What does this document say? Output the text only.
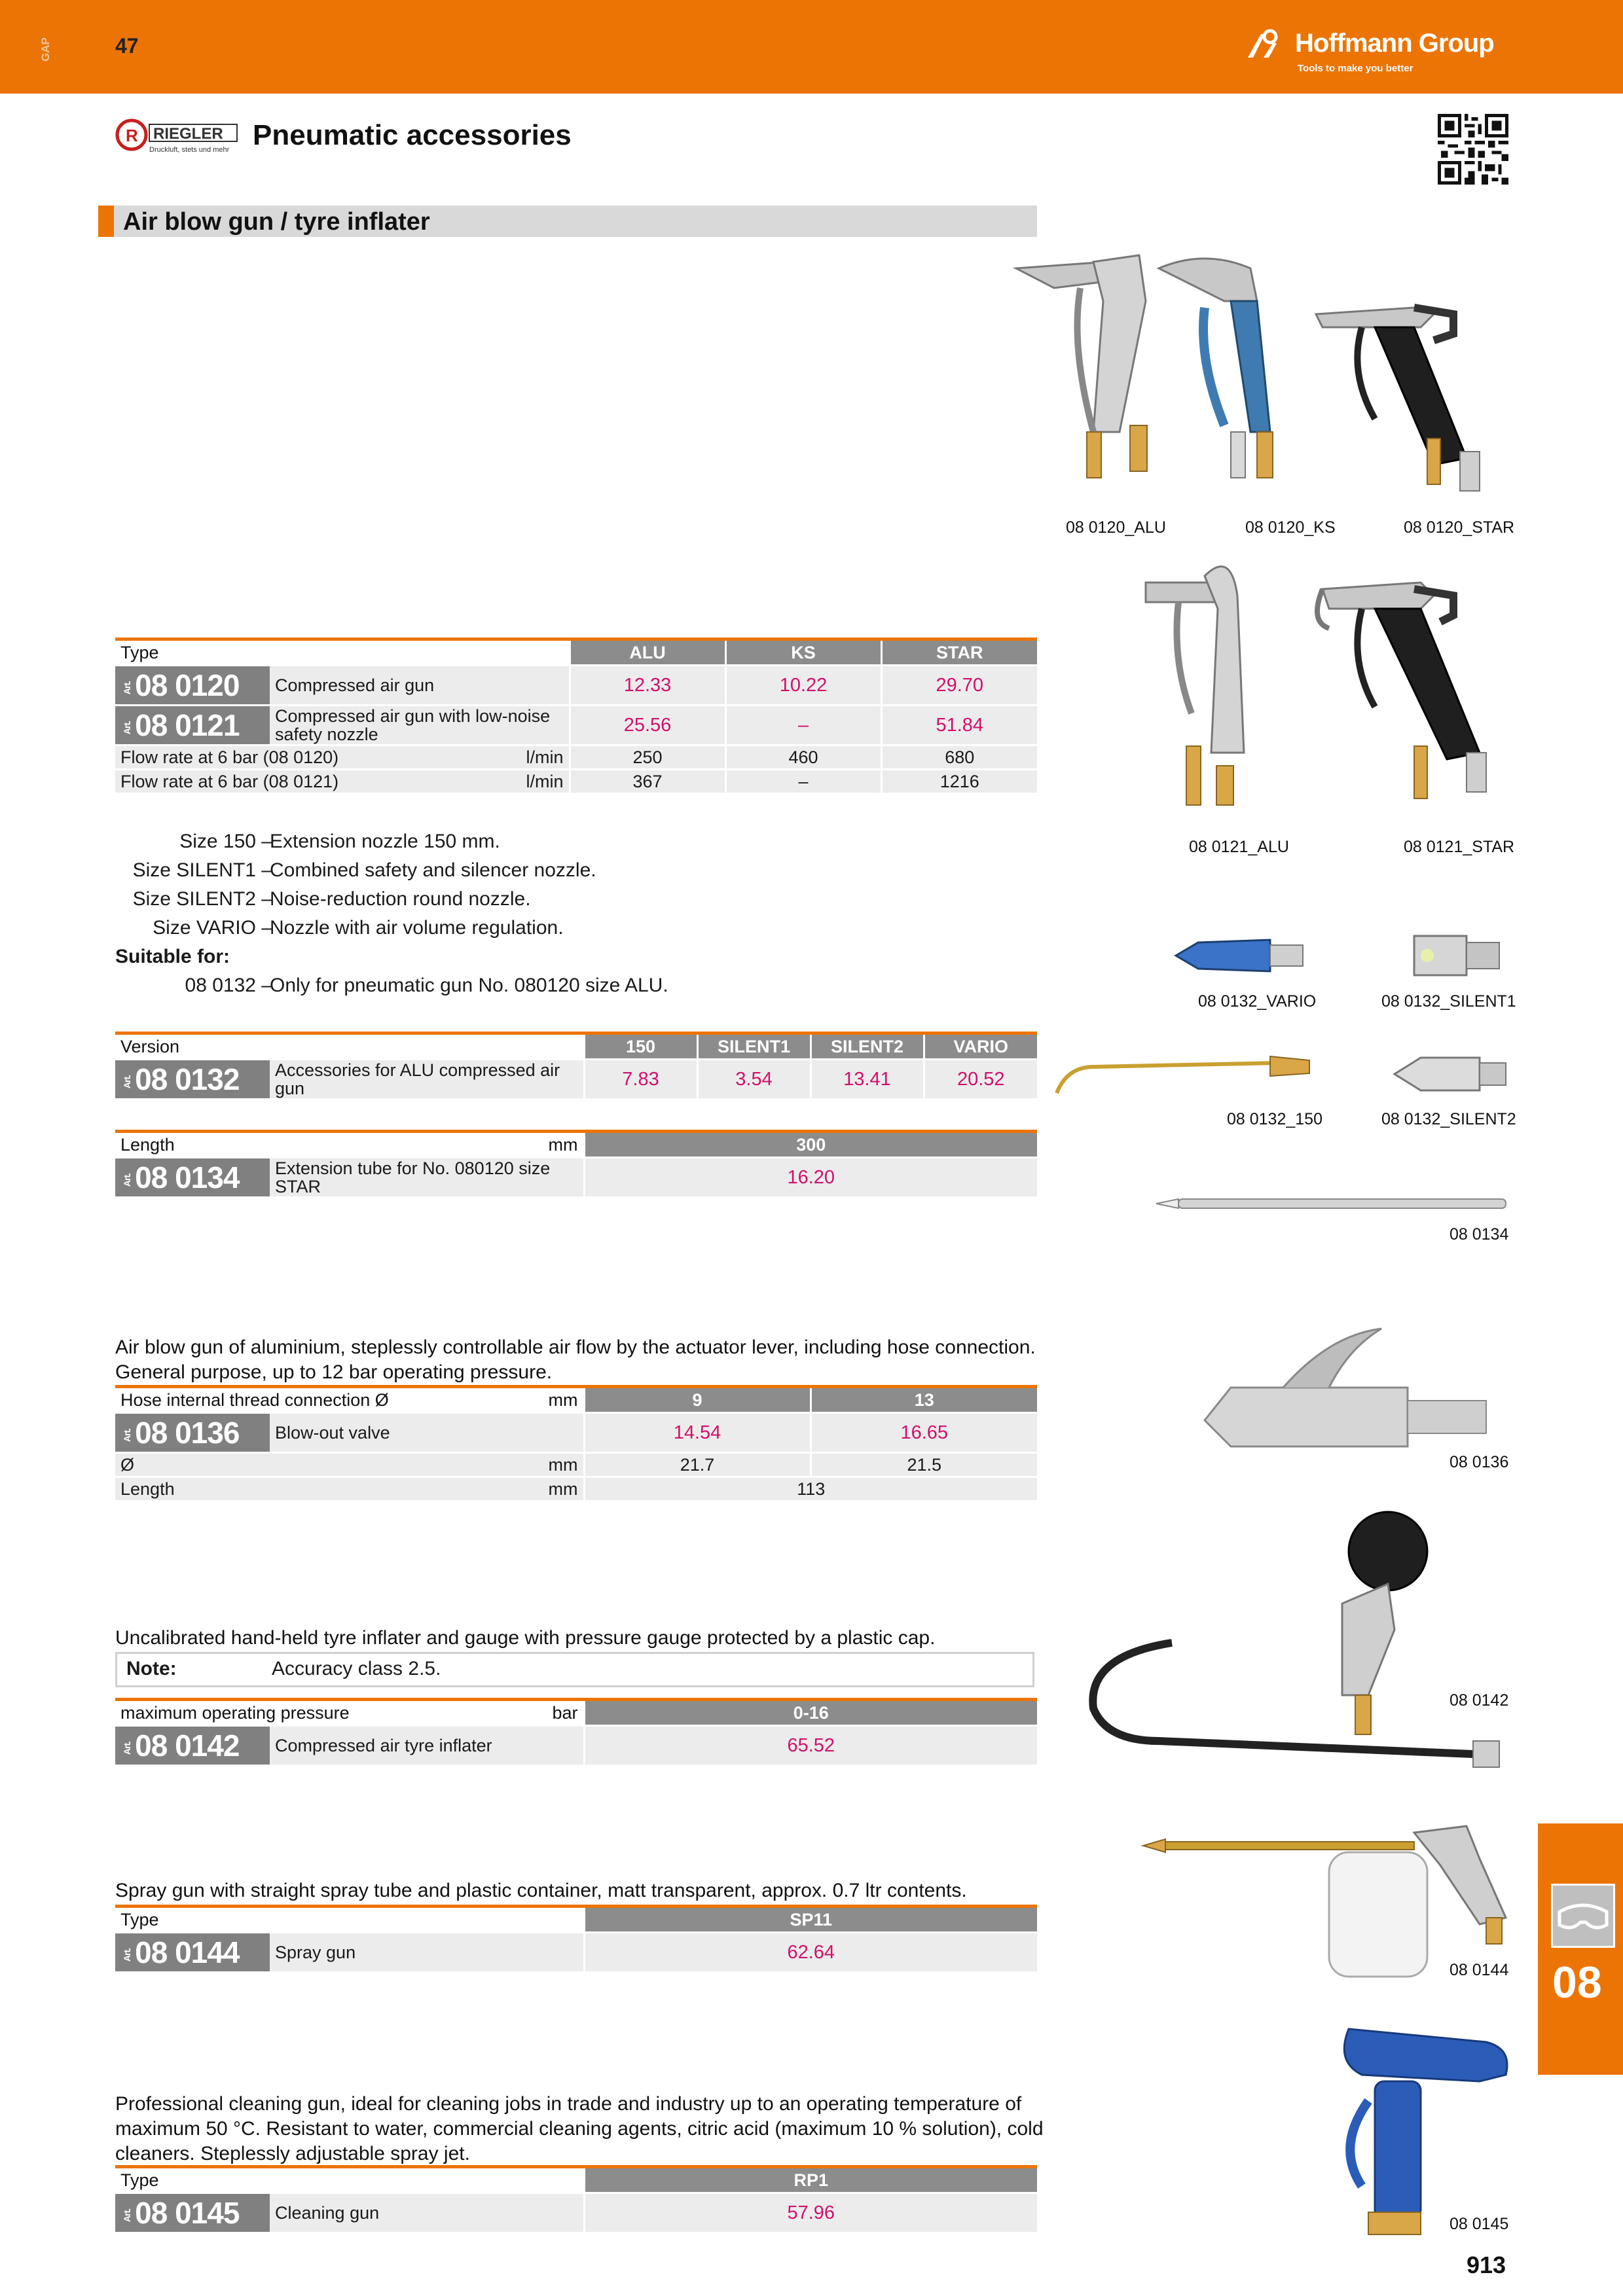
GAP	47	Hoffmann Group
Tools to make you better
R RIEGLER
Druckluft, stets und mehr Pneumatic accessories
Air blow gun / tyre inflater
Type		ALU	KS	STAR
Art.08 0120	Compressed air gun	12.33	10.22	29.70
Art.08 0121	Compressed air gun with low-noise safety nozzle	25.56	–	51.84
Flow rate at 6 bar (08 0120) l/min		250	460	680
Flow rate at 6 bar (08 0121) l/min		367	–	1216
Size 150 –
Extension nozzle 150 mm.
Size SILENT1 –
Combined safety and silencer nozzle.
Size SILENT2 –
Noise-reduction round nozzle.
Size VARIO –
Nozzle with air volume regulation.
Suitable for:
08 0132 –
Only for pneumatic gun No. 080120 size ALU.
Version		150	SILENT1	SILENT2	VARIO
Art.08 0132	Accessories for ALU compressed air gun	7.83	3.54	13.41	20.52
Length mm		300
Art.08 0134	Extension tube for No. 080120 size STAR	16.20
Air blow gun of aluminium, steplessly controllable air flow by the actuator lever, including hose connection.
General purpose, up to 12 bar operating pressure.
Hose internal thread connection Ø mm		9	13
Art.08 0136	Blow-out valve	14.54	16.65
Ø mm		21.7	21.5
Length mm		113	
Uncalibrated hand-held tyre inflater and gauge with pressure gauge protected by a plastic cap.
Note:	Accuracy class 2.5.
maximum operating pressure bar		0-16
Art.08 0142	Compressed air tyre inflater	65.52
Spray gun with straight spray tube and plastic container, matt transparent, approx. 0.7 ltr contents.
Type		SP11
Art.08 0144	Spray gun	62.64
Professional cleaning gun, ideal for cleaning jobs in trade and industry up to an operating temperature of maximum 50 °C. Resistant to water, commercial cleaning agents, citric acid (maximum 10 % solution), cold cleaners. Steplessly adjustable spray jet.
Type		RP1
Art.08 0145	Cleaning gun	57.96
08 0120_ALU	08 0120_KS	08 0120_STAR
08 0121_ALU	08 0121_STAR
08 0132_VARIO	08 0132_SILENT1
08 0132_150	08 0132_SILENT2
08 0134
08 0136
08 0142
08 0144
08 0145
08
913
